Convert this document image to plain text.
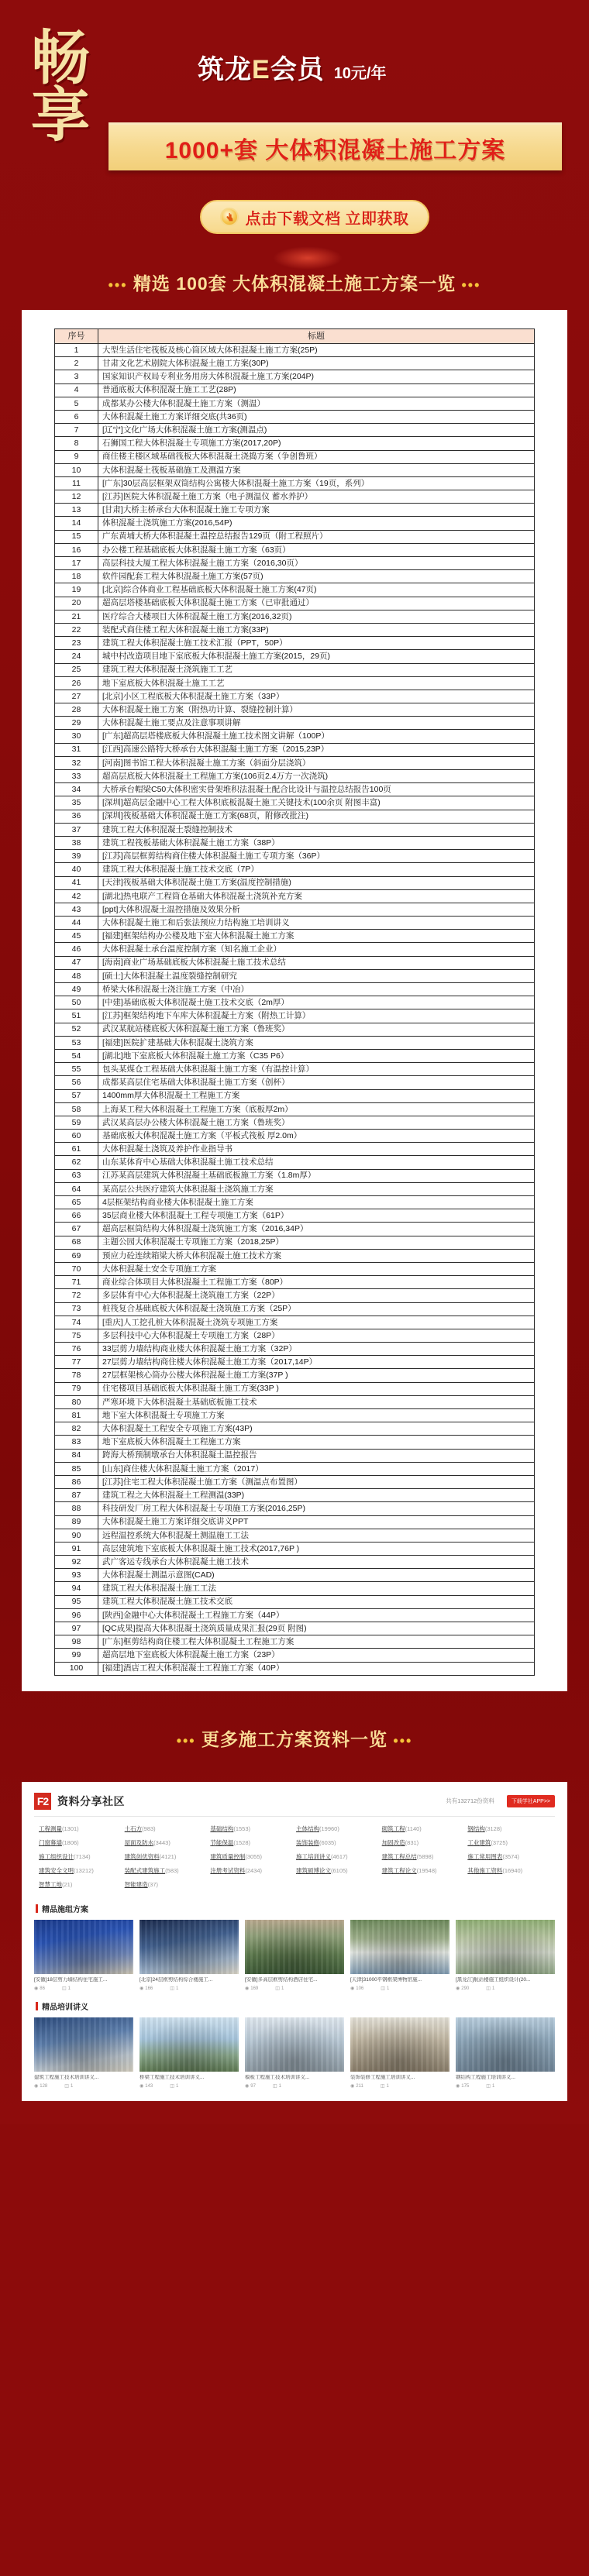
畅
享
筑龙E会员 10元/年
1000+套 大体积混凝土施工方案
点击下载文档 立即获取
••• 精选 100套 大体积混凝土施工方案一览 •••
序号	标题
1	大型生活住宅筏板及核心筒区域大体积混凝土施工方案(25P)
2	甘肃文化艺术剧院大体积混凝土施工方案(30P)
3	国家知识产权局专利业务用房大体积混凝土施工方案(204P)
4	普通底板大体积混凝土施工工艺(28P)
5	成都某办公楼大体积混凝土施工方案（测温）
6	大体积混凝土施工方案详细交底(共36页)
7	[辽宁]文化广场大体积混凝土施工方案(测温点)
8	石狮国工程大体积混凝土专项施工方案(2017,20P)
9	商住楼主楼区域基础筏板大体积混凝土浇捣方案（争创鲁班）
10	大体积混凝土筏板基础施工及测温方案
11	[广东]30层高层框架双筒结构公寓楼大体积混凝土施工方案（19页，系列）
12	[江苏]医院大体积混凝土施工方案（电子测温仪 蓄水养护）
13	[甘肃]大桥主桥承台大体积混凝土施工专项方案
14	体积混凝土浇筑施工方案(2016,54P)
15	广东黄埔大桥大体积混凝土温控总结报告129页（附工程照片）
16	办公楼工程基础底板大体积混凝土施工方案（63页）
17	高层科技大厦工程大体积混凝土施工方案（2016,30页）
18	软件园配套工程大体积混凝土施工方案(57页)
19	[北京]综合体商业工程基础底板大体积混凝土施工方案(47页)
20	超高层塔楼基础底板大体积混凝土施工方案（已审批通过）
21	医疗综合大楼项目大体积混凝土施工方案(2016,32页)
22	装配式商住楼工程大体积混凝土施工方案(33P)
23	建筑工程大体积混凝土施工技术汇报（PPT，50P）
24	城中村改造项目地下室底板大体积混凝土施工方案(2015，29页)
25	建筑工程大体积混凝土浇筑施工工艺
26	地下室底板大体积混凝土施工工艺
27	[北京]小区工程底板大体积混凝土施工方案（33P）
28	大体积混凝土施工方案（附热功计算、裂缝控制计算）
29	大体积混凝土施工要点及注意事项讲解
30	[广东]超高层塔楼底板大体积混凝土施工技术图文讲解（100P）
31	[江西]高速公路特大桥承台大体积混凝土施工方案（2015,23P）
32	[河南]图书馆工程大体积混凝土施工方案（斜面分层浇筑）
33	超高层底板大体积混凝土工程施工方案(106页2.4万方一次浇筑)
34	大桥承台帽梁C50大体积密实骨架堆积法混凝土配合比设计与温控总结报告100页
35	[深圳]超高层金融中心工程大体积底板混凝土施工关键技术(100余页 附图丰富)
36	[深圳]筏板基础大体积混凝土施工方案(68页，附修改批注)
37	建筑工程大体积混凝土裂缝控制技术
38	建筑工程筏板基础大体积混凝土施工方案（38P）
39	[江苏]高层框剪结构商住楼大体积混凝土施工专项方案（36P）
40	建筑工程大体积混凝土施工技术交底（7P）
41	[天津]筏板基础大体积混凝土施工方案(温度控制措施)
42	[湖北]热电联产工程筒仓基础大体积混凝土浇筑补充方案
43	[ppt]大体积混凝土温控措施及效果分析
44	大体积混凝土施工和后张法预应力结构施工培训讲义
45	[福建]框架结构办公楼及地下室大体积混凝土施工方案
46	大体积混凝土承台温度控制方案（知名施工企业）
47	[海南]商业广场基础底板大体积混凝土施工技术总结
48	[硕士]大体积混凝土温度裂缝控制研究
49	桥梁大体积混凝土浇注施工方案（中冶）
50	[中建]基础底板大体积混凝土施工技术交底（2m厚）
51	[江苏]框架结构地下车库大体积混凝土方案（附热工计算）
52	武汉某航站楼底板大体积混凝土施工方案（鲁班奖）
53	[福建]医院扩建基础大体积混凝土浇筑方案
54	[湖北]地下室底板大体积混凝土施工方案（C35 P6）
55	包头某煤仓工程基础大体积混凝土施工方案（有温控计算）
56	成都某高层住宅基础大体积混凝土施工方案（创杯）
57	1400mm厚大体积混凝土工程施工方案
58	上海某工程大体积混凝土工程施工方案（底板厚2m）
59	武汉某高层办公楼大体积混凝土施工方案（鲁班奖）
60	基础底板大体积混凝土施工方案（平板式筏板 厚2.0m）
61	大体积混凝土浇筑及养护作业指导书
62	山东某体育中心基础大体积混凝土施工技术总结
63	江苏某高层建筑大体积混凝土基础底板施工方案（1.8m厚）
64	某高层公共医疗建筑大体积混凝土浇筑施工方案
65	4层框架结构商业楼大体积混凝土施工方案
66	35层商业楼大体积混凝土工程专项施工方案（61P）
67	超高层框筒结构大体积混凝土浇筑施工方案（2016,34P）
68	主题公园大体积混凝土专项施工方案（2018,25P）
69	预应力砼连续箱梁大桥大体积混凝土施工技术方案
70	大体积混凝土安全专项施工方案
71	商业综合体项目大体积混凝土工程施工方案（80P）
72	多层体育中心大体积混凝土浇筑施工方案（22P）
73	桩筏复合基础底板大体积混凝土浇筑施工方案（25P）
74	[重庆]人工挖孔桩大体积混凝土浇筑专项施工方案
75	多层科技中心大体积混凝土专项施工方案（28P）
76	33层剪力墙结构商业楼大体积混凝土施工方案（32P）
77	27层剪力墙结构商住楼大体积混凝土施工方案（2017,14P）
78	27层框架核心筒办公楼大体积混凝土施工方案(37P )
79	住宅楼项目基础底板大体积混凝土施工方案(33P )
80	严寒环境下大体积混凝土基础底板施工技术
81	地下室大体积混凝土专项施工方案
82	大体积混凝土工程安全专项施工方案(43P)
83	地下室底板大体积混凝土工程施工方案
84	跨海大桥预制墩承台大体积混凝土温控报告
85	[山东]商住楼大体积混凝土施工方案（2017）
86	[江苏]住宅工程大体积混凝土施工方案（测温点布置图）
87	建筑工程之大体积混凝土工程测温(33P)
88	科技研发厂房工程大体积混凝土专项施工方案(2016,25P)
89	大体积混凝土施工方案详细交底讲义PPT
90	远程温控系统大体积混凝土测温施工工法
91	高层建筑地下室底板大体积混凝土施工技术(2017,76P )
92	武广客运专线承台大体积混凝土施工技术
93	大体积混凝土测温示意图(CAD)
94	建筑工程大体积混凝土施工工法
95	建筑工程大体积混凝土施工技术交底
96	[陕西]金融中心大体积混凝土工程施工方案（44P）
97	[QC成果]提高大体积混凝土浇筑质量成果汇报(29页 附图)
98	[广东]框剪结构商住楼工程大体积混凝土工程施工方案
99	超高层地下室底板大体积混凝土施工方案（23P）
100	[福建]酒店工程大体积混凝土工程施工方案（40P）
••• 更多施工方案资料一览 •••
F2 资料分享社区	共有132712份资料	下载学社APP>>
工程测量(1301)	土石方(983)	基础结构(1553)	主体结构(19960)	砌筑工程(1140)	钢结构(3128)
门窗幕墙(1806)	屋面及防水(3443)	节能保温(1528)	装饰装修(6035)	加固改造(831)	工业建筑(3725)
施工组织设计(7134)	建筑创优资料(4121)	建筑质量控制(3055)	施工培训讲义(4617)	建筑工程总结(5898)	施工常用图表(3574)
建筑安全文明(13212)	装配式建筑施工(583)	注册考试资料(2434)	建筑硕博论文(6105)	建筑工程论文(19548)	其他施工资料(16940)
智慧工地(21)	智能建造(37)
精品施组方案
[安徽]18层剪力墙结构住宅施工...
◉ 86	◫ 1
[北京]24层框剪结构综合楼施工...
◉ 166	◫ 1
[安徽]多高层框剪结构酒店住宅...
◉ 169	◫ 1
[天津]31000平钢框架博物馆施...
◉ 106	◫ 1
[黑龙江]航站楼施工组织设计(20...
◉ 290	◫ 1
精品培训讲义
建筑工程施工技术培训讲义...
◉ 128	◫ 1
桥梁工程施工技术培训讲义...
◉ 143	◫ 1
模板工程施工技术培训讲义...
◉ 97	◫ 1
装饰装修工程施工培训讲义...
◉ 211	◫ 1
钢结构工程施工培训讲义...
◉ 175	◫ 1
